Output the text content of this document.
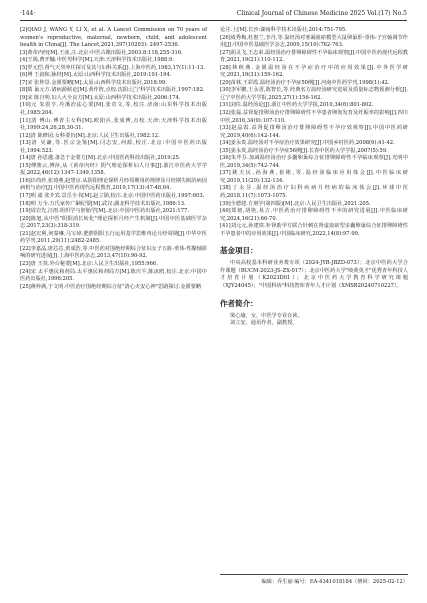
·144·	Clinical Journal of Chinese Medicine 2025 Vol.(17) No.5

[2]QIAO J, WANG Y, LI X, et al. A Lancet Commission on 70 years of women's reproductive, maternal, newborn, child, and adolescent health in China[J]. The Lancet,2021,397(10293): 2497-2536.

[3]黄帝内经[M].王冰,注.北京:中医古籍出版社,2003:8:118,255-316.

[4]王竭,曹开镛.中医男科学[M].天津:天津科学技术出版社,1988:9.

[5]罗元恺.肾气天癸冲任探讨及其与妇科关系[J].上海中医药,1983,17(1):11-13.

[6]傅 王叔和.脉经[M].太原:山西科学技术出版社,2019:191-194.

[7]宋 张仲景.金匮要略[M].太原:山西科学技术出版社,2018:99.

[8]隋 巢元方.诸病源候论[M].黄作阵,点校.沈阳:辽宁科学技术出版社,1997:182.

[9]宋 陈自明.妇人大全良方[M].太原:山西科学技术出版社,2006:174.

[10]元 朱震亨.丹溪治法心要[M].张奇文,等,校注.济南:山东科学技术出版社,1985:204.

[11]清 傅山.傅青主女科[M].欧阳兵,张成博,点校.天津:天津科学技术出版社,1999:24,26,28,30-31.

[12]清 陈修园.女科要旨[M].北京:人民卫生出版社,1982:12.

[13]清 吴谦,等.医宗金鉴[M].闫志安,何源,校注.北京:中国中医药出版社,1994:523.

[14]唐 孙思邈.备急千金要方[M].北京:中国医药科技出版社,2019:25.

[15]傅骏云,傅萍,从《黄帝内经》阴气理论探析妇人月事[J].浙江中医药大学学报,2022,46(12):1347-1349,1358.

[16]许尚珍,张琦燕,赵慧京.从阴阳理论探析月经周期用药规律及月经期失眠的病因病机与治疗[J].中国中医药现代远程教育,2019,17(13):47-48,64.

[17]明 虞 张介宾.景岳全书[M].赵立勋,校注.北京:中国中医药出版社,1997:603.

[18]明 万全.万氏家传广嗣纪要[M].武汉:湖北科学技术出版社,1986:13.

[19]周岩先,汪雨.组织学与胚胎学[M].北京:中国中医药出版社,2021:177.

[20]陈旭,从中医"阴阳消长转化"理论探析月经产生机制[J].中国中医基础医学杂志,2017,23(3):318-319.

[21]赵宏利,何秦琳,马宝璋.肥胖阴阳五行运用基学思维再论月经周期[J].中华中医药学刊,2011,29(11):2482-2485.

[22]李嘉晶,唐芯芯,黄成浩,等.中医药对围绝经期综合征妇女子五脏-垂体-性腺轴影响的研究进展[J].上海中医药杂志,2013,47(10):90-92.

[23]唐 王焘.外台秘要[M].北京:人民卫生出版社,1955:966.

[24]宋 太平惠民和剂局.太平惠民和剂局方[M].陈庆平,陈冰鸥,校注.北京:中国中医药出版社,1996:205.

[25]蒋梓满,于文明.中医治疗围绝经期综合征"清心火安心神"思路探讨.金匮要略

论注.上[M].长沙:湖南科学技术出版社,2014:751-795.

[26]成秀梅,杜惠兰,李丹,等.温经汤对寒凝血瘀模型大鼠卵巢肝-垂体-子宫轴调节作用[J].中国中医基础医学杂志,2009,15(10):762-763.

[27]胡灵飞,王志弟.温经汤治疗排卵障碍性不孕临床观察[J].中国中医药现代远程教育,2021,19(21):110-112.

[28]林秋燕.金匮温经汤在不孕症治疗中的应用效果[J].中外医学研究,2021,19(31):159-162.

[29]苗林,王彩霞.温经汤治疗不孕症50例[J].河南中医药学刊,1998(1):42.

[30]李军鹏,王永香,陈智长,等.经典名方温经汤研究进展及质量标志物预测分析[J].辽宁中医药大学学报,2025,27(1):156-162.

[31]刘任.温经汤论[J].浙江中医药大学学报,2010,34(6):801-802.

[32]张磊.益肾促排卵汤治疗排卵障碍性不孕患者卵泡发育及妊娠率的影响[J].四川中医,2016,34(9):107-110.

[33]赵晶霞.益肾促排卵汤治疗排卵障碍性不孕疗效观察[J].中国中医药研究,2019,40(6):142-144.

[34]姜永贵.温经汤对不孕症治疗效果研究[J].中国乡村医药,2008(6):41-42.

[35]姜永贵,温经汤治疗不孕症56例[J].长春中医药大学学报,2007(5):59.

[36]朱芹芬.加减温经汤治疗多囊卵巢综合征排卵障碍性不孕临床观察[J].光明中医,2019,34(5):742-744.

[37]姚天民,孙海燕,崔彬,等.温经汤临床应用体会[J].中医临床研究,2019,11(20):132-134.

[38]丁永芬.温经汤治疗妇科疾病月经病的临床体会[J].环球中医药,2018,11(7):1073-1075.

[39]全德建.方剂学(第四版)[M].北京:人民卫生出版社,2021:205.

[40]郑韧,胡艳,易吉.中医药治疗排卵障碍性不孕的研究进展[J].中医临床研究,2024,16(21):66-70.

[41]刘元元,孙建铁.补肾助孕方联合针刺在肾虚血瘀型多囊卵巢综合征排卵障碍性不孕患者中的应用效果[J].中国临床研究,2022,14(8):97-99.

基金项目：

中央高校基本科研业务费专项（2024-JYB-JBZD-073）；北京中医药大学合作课题（BUCM-2023-JS-ZX-017）；北京中医药大学"岐黄英才"优秀青年科技人才培育计划（K2023D01）；北京中医药大学教育科学研究课题（XJY24045）；"中国科协"科技智库青年人才计划（XMSB20240710227）。

作者简介：

梁心瑜，女，中医学专业在读。

刘立安，通讯作者，副教授。

编辑：乔生丽 编号：EA-4341018184（修回：2025-02-12）
